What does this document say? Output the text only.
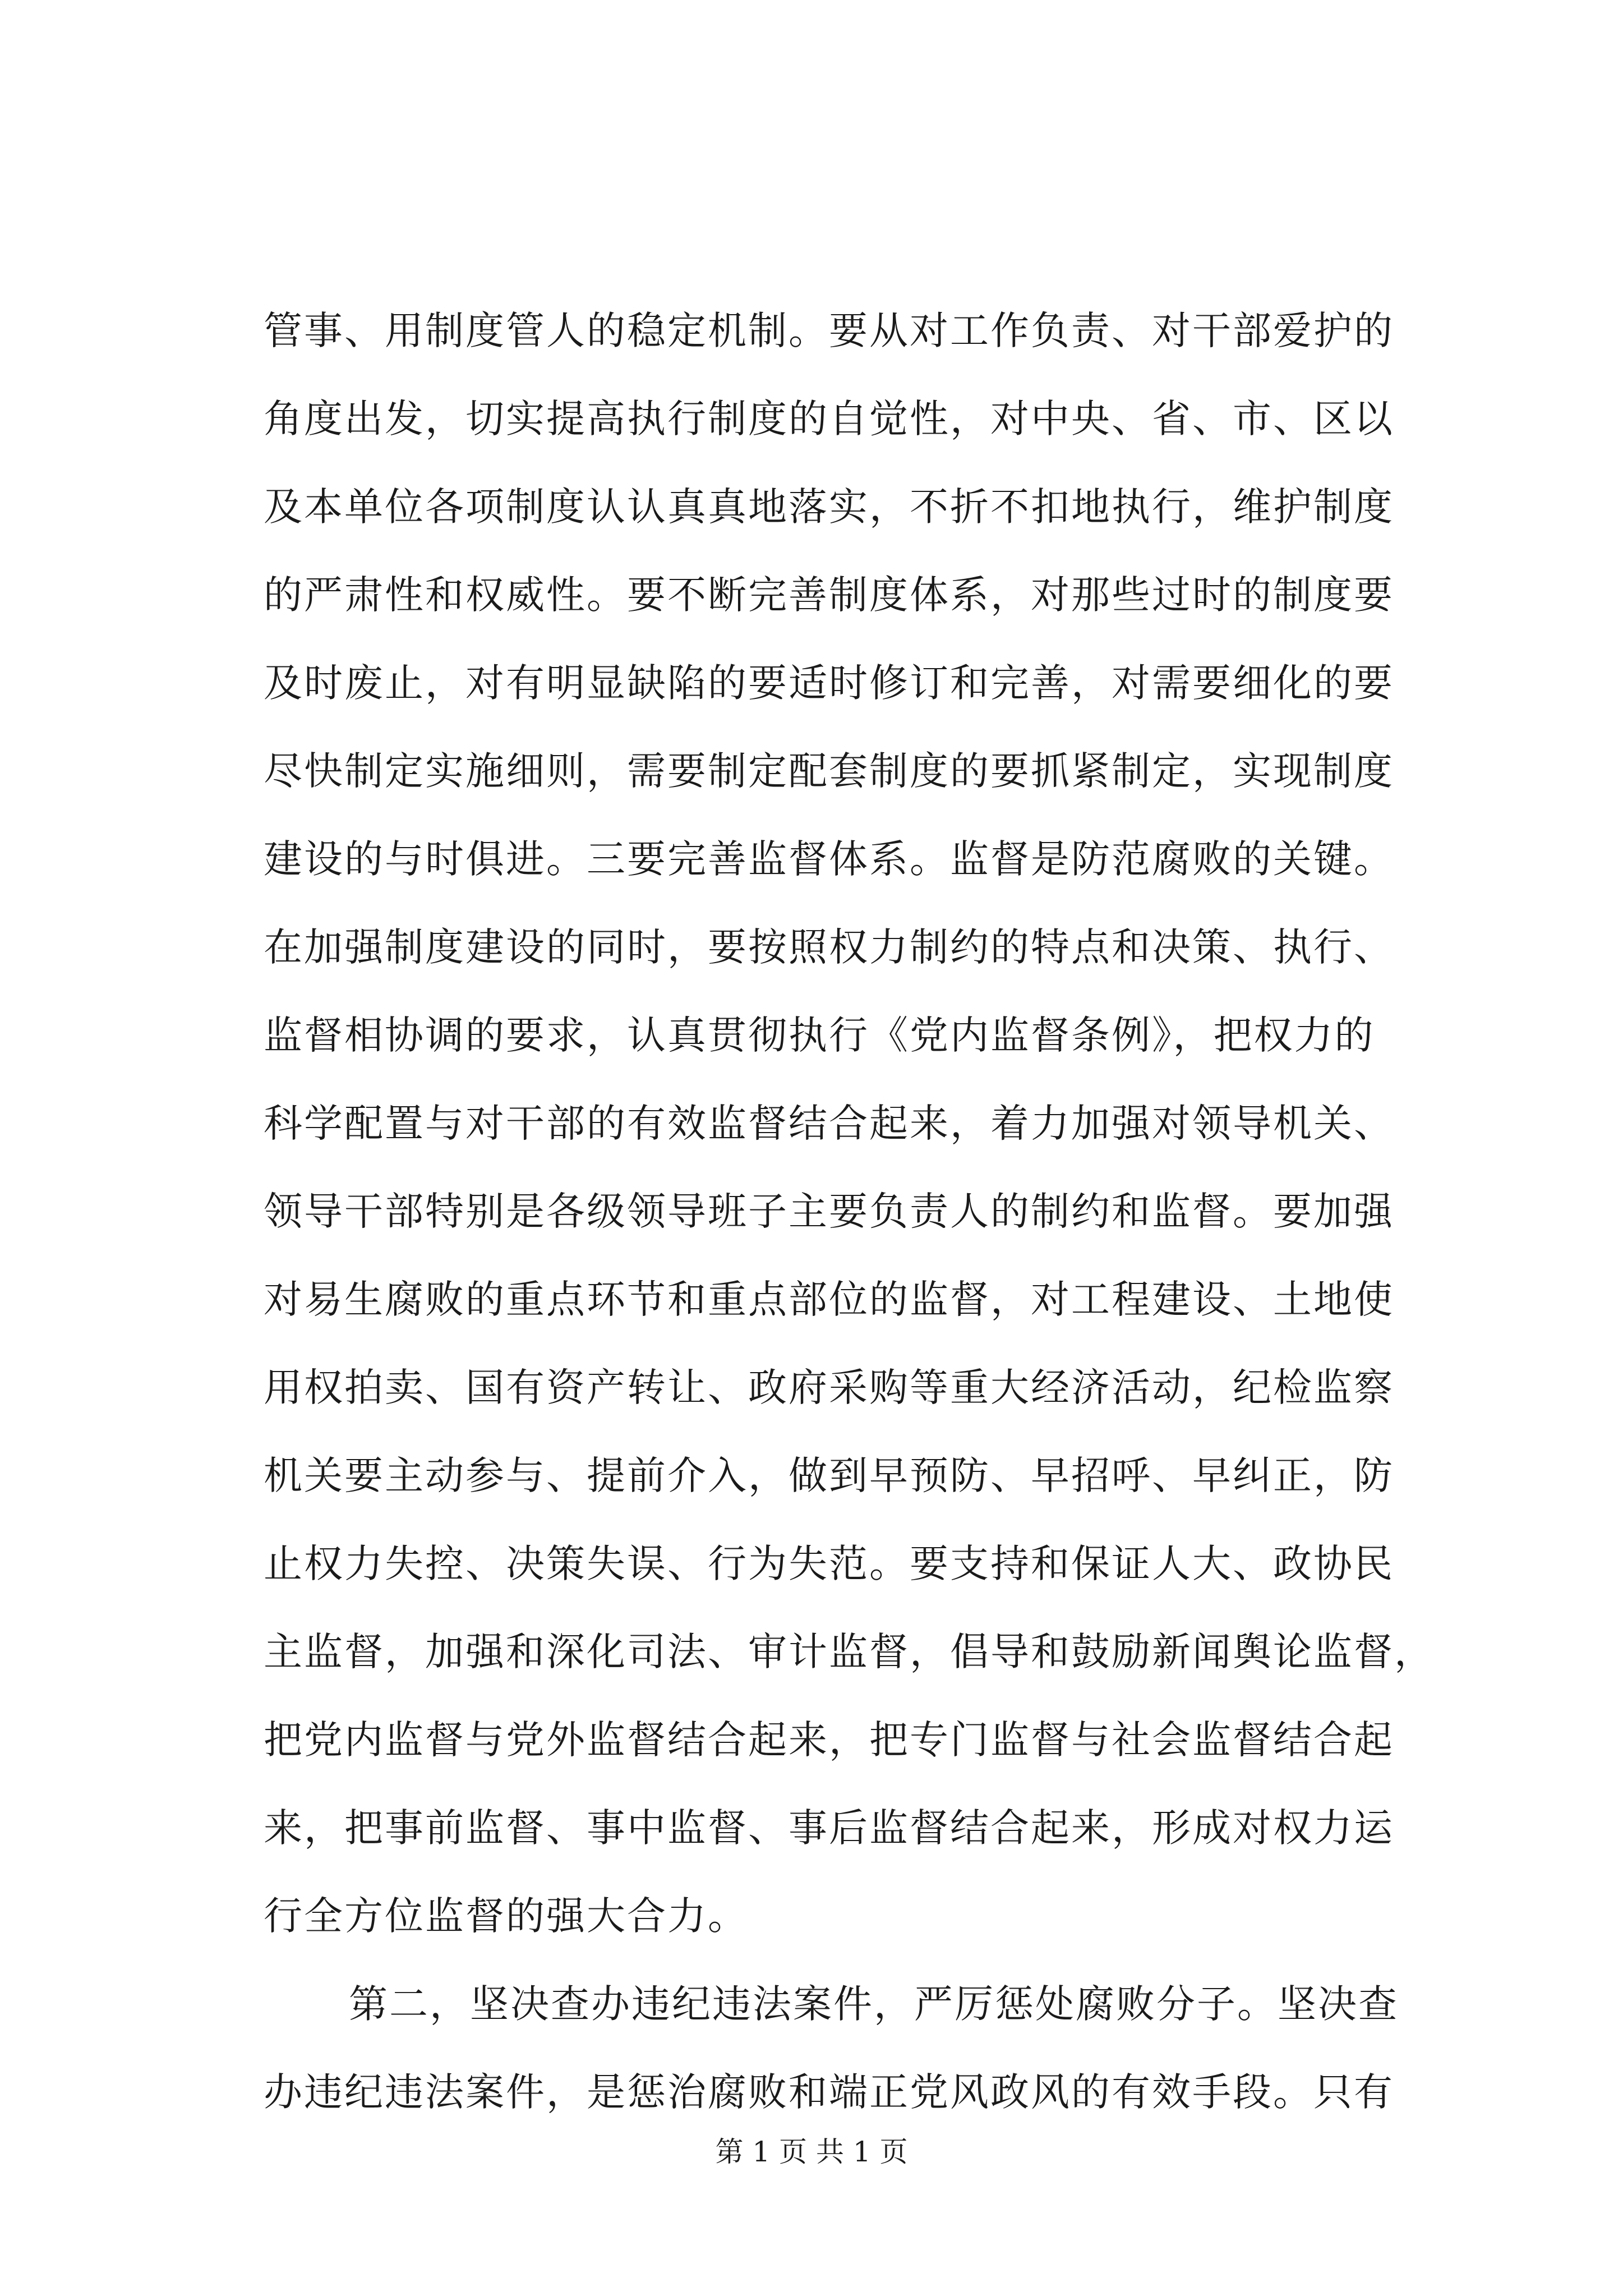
管事、用制度管人的稳定机制。要从对工作负责、对干部爱护的
角度出发，切实提高执行制度的自觉性，对中央、省、市、区以
及本单位各项制度认认真真地落实，不折不扣地执行，维护制度
的严肃性和权威性。要不断完善制度体系，对那些过时的制度要
及时废止，对有明显缺陷的要适时修订和完善，对需要细化的要
尽快制定实施细则，需要制定配套制度的要抓紧制定，实现制度
建设的与时俱进。三要完善监督体系。监督是防范腐败的关键。
在加强制度建设的同时，要按照权力制约的特点和决策、执行、
监督相协调的要求，认真贯彻执行《党内监督条例》，把权力的
科学配置与对干部的有效监督结合起来，着力加强对领导机关、
领导干部特别是各级领导班子主要负责人的制约和监督。要加强
对易生腐败的重点环节和重点部位的监督，对工程建设、土地使
用权拍卖、国有资产转让、政府采购等重大经济活动，纪检监察
机关要主动参与、提前介入，做到早预防、早招呼、早纠正，防
止权力失控、决策失误、行为失范。要支持和保证人大、政协民
主监督，加强和深化司法、审计监督，倡导和鼓励新闻舆论监督，
把党内监督与党外监督结合起来，把专门监督与社会监督结合起
来，把事前监督、事中监督、事后监督结合起来，形成对权力运
行全方位监督的强大合力。
第二，坚决查办违纪违法案件，严厉惩处腐败分子。坚决查
办违纪违法案件，是惩治腐败和端正党风政风的有效手段。只有
第 1 页 共 1 页
